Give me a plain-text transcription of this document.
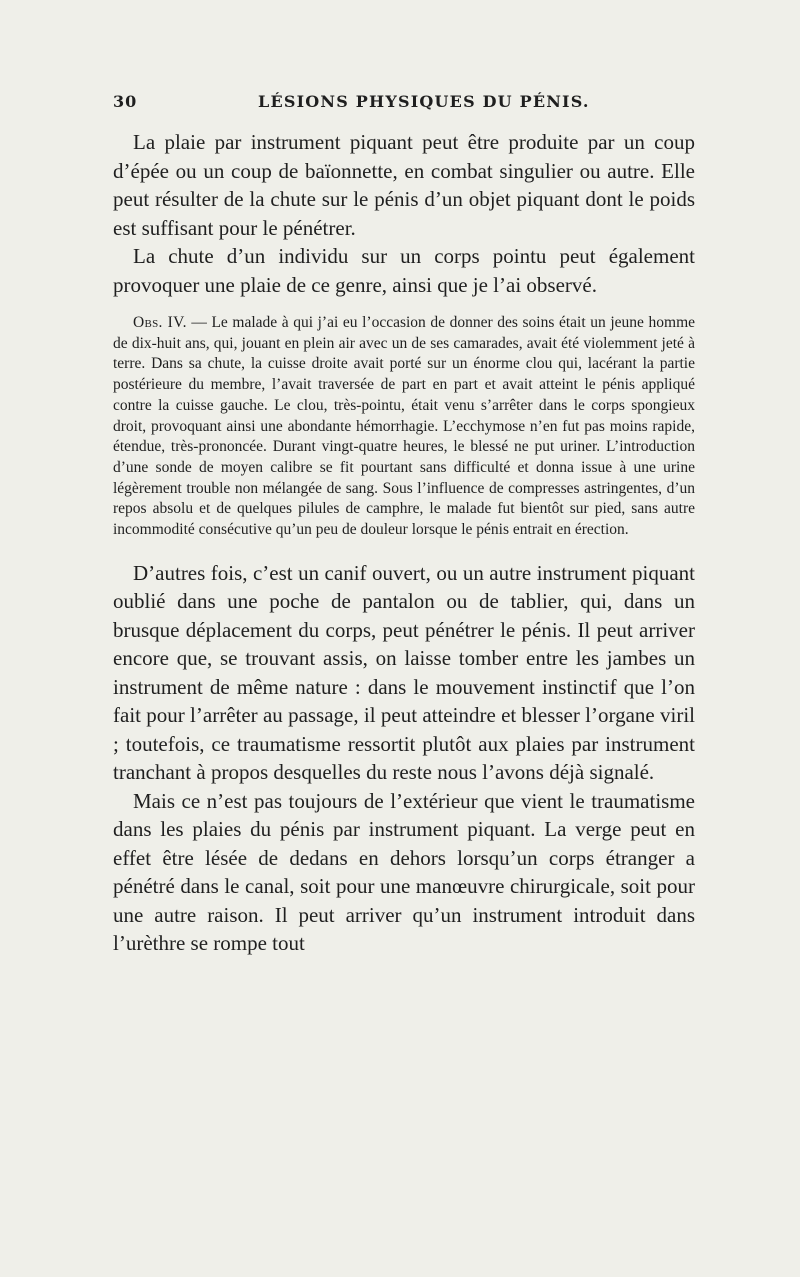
30	LÉSIONS PHYSIQUES DU PÉNIS.

La plaie par instrument piquant peut être produite par un coup d’épée ou un coup de baïonnette, en combat singulier ou autre. Elle peut résulter de la chute sur le pénis d’un objet piquant dont le poids est suffisant pour le pénétrer.

La chute d’un individu sur un corps pointu peut également provoquer une plaie de ce genre, ainsi que je l’ai observé.

Obs. IV. — Le malade à qui j’ai eu l’occasion de donner des soins était un jeune homme de dix-huit ans, qui, jouant en plein air avec un de ses camarades, avait été violemment jeté à terre. Dans sa chute, la cuisse droite avait porté sur un énorme clou qui, lacérant la partie postérieure du membre, l’avait traversée de part en part et avait atteint le pénis appliqué contre la cuisse gauche. Le clou, très-pointu, était venu s’arrêter dans le corps spongieux droit, provoquant ainsi une abondante hémorrhagie. L’ecchymose n’en fut pas moins rapide, étendue, très-prononcée. Durant vingt-quatre heures, le blessé ne put uriner. L’introduction d’une sonde de moyen calibre se fit pourtant sans difficulté et donna issue à une urine légèrement trouble non mélangée de sang. Sous l’influence de compresses astringentes, d’un repos absolu et de quelques pilules de camphre, le malade fut bientôt sur pied, sans autre incommodité consécutive qu’un peu de douleur lorsque le pénis entrait en érection.

D’autres fois, c’est un canif ouvert, ou un autre instrument piquant oublié dans une poche de pantalon ou de tablier, qui, dans un brusque déplacement du corps, peut pénétrer le pénis. Il peut arriver encore que, se trouvant assis, on laisse tomber entre les jambes un instrument de même nature : dans le mouvement instinctif que l’on fait pour l’arrêter au passage, il peut atteindre et blesser l’organe viril ; toutefois, ce traumatisme ressortit plutôt aux plaies par instrument tranchant à propos desquelles du reste nous l’avons déjà signalé.

Mais ce n’est pas toujours de l’extérieur que vient le traumatisme dans les plaies du pénis par instrument piquant. La verge peut en effet être lésée de dedans en dehors lorsqu’un corps étranger a pénétré dans le canal, soit pour une manœuvre chirurgicale, soit pour une autre raison. Il peut arriver qu’un instrument introduit dans l’urèthre se rompe tout
